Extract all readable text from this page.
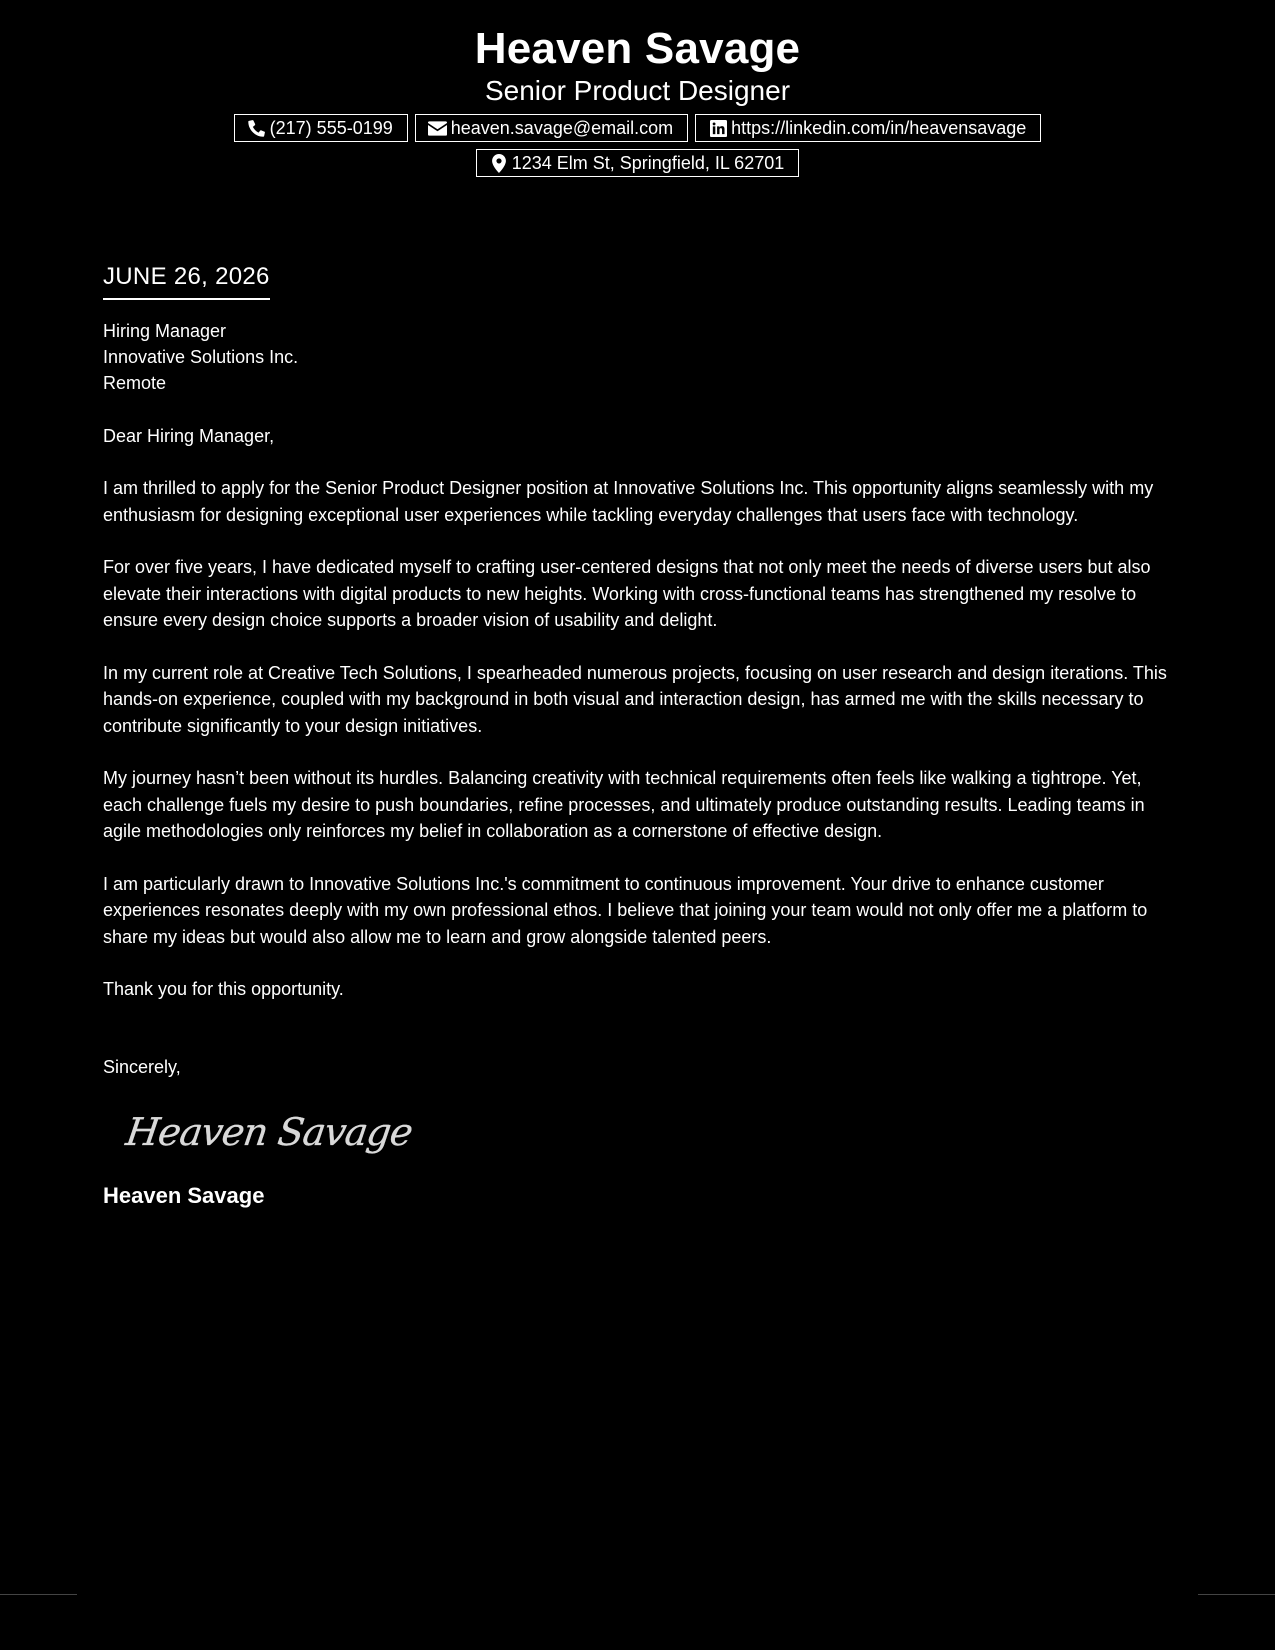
Heaven Savage
Senior Product Designer
(217) 555-0199	heaven.savage@email.com	https://linkedin.com/in/heavensavage
1234 Elm St, Springfield, IL 62701
JUNE 26, 2026
Hiring Manager
Innovative Solutions Inc.
Remote
Dear Hiring Manager,
I am thrilled to apply for the Senior Product Designer position at Innovative Solutions Inc. This opportunity aligns seamlessly with my enthusiasm for designing exceptional user experiences while tackling everyday challenges that users face with technology.
For over five years, I have dedicated myself to crafting user-centered designs that not only meet the needs of diverse users but also elevate their interactions with digital products to new heights. Working with cross-functional teams has strengthened my resolve to ensure every design choice supports a broader vision of usability and delight.
In my current role at Creative Tech Solutions, I spearheaded numerous projects, focusing on user research and design iterations. This hands-on experience, coupled with my background in both visual and interaction design, has armed me with the skills necessary to contribute significantly to your design initiatives.
My journey hasn’t been without its hurdles. Balancing creativity with technical requirements often feels like walking a tightrope. Yet, each challenge fuels my desire to push boundaries, refine processes, and ultimately produce outstanding results. Leading teams in agile methodologies only reinforces my belief in collaboration as a cornerstone of effective design.
I am particularly drawn to Innovative Solutions Inc.'s commitment to continuous improvement. Your drive to enhance customer experiences resonates deeply with my own professional ethos. I believe that joining your team would not only offer me a platform to share my ideas but would also allow me to learn and grow alongside talented peers.
Thank you for this opportunity.
Sincerely,
Heaven Savage
Heaven Savage
